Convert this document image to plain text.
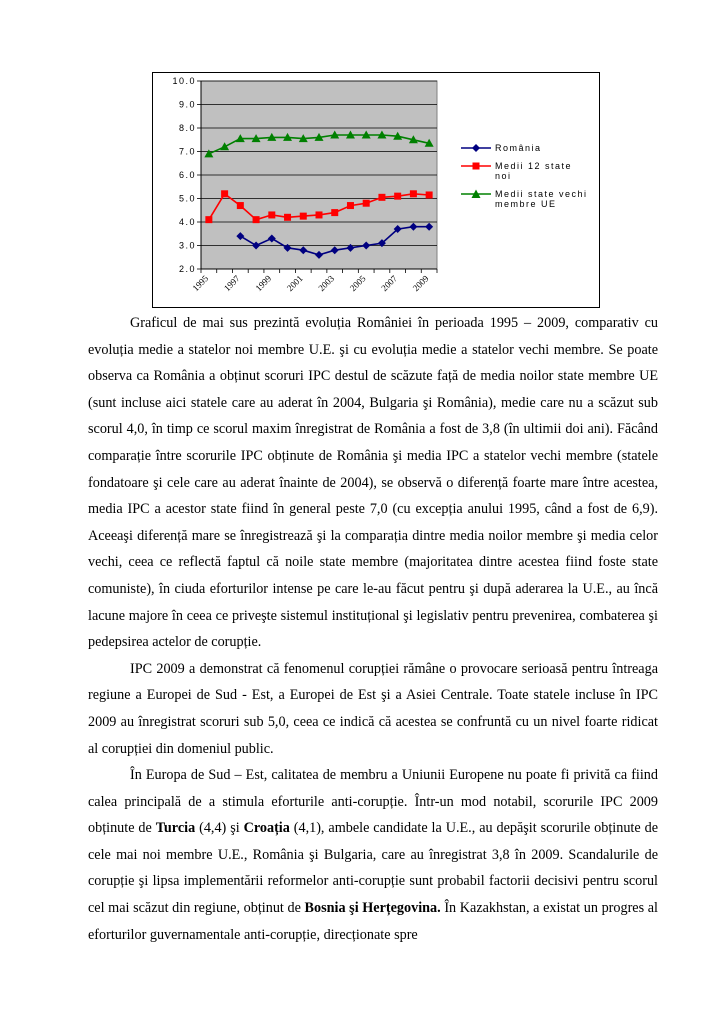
2.0
3.0
4.0
5.0
6.0
7.0
8.0
9.0
10.0
1995 1997 1999 2001 2003 2005 2007 2009
România
Medii 12 state noi
Medii state vechi membre UE

Graficul de mai sus prezintă evoluția României în perioada 1995 – 2009, comparativ cu evoluția medie a statelor noi membre U.E. şi cu evoluția medie a statelor vechi membre. Se poate observa ca România a obținut scoruri IPC destul de scăzute față de media noilor state membre UE (sunt incluse aici statele care au aderat în 2004, Bulgaria şi România), medie care nu a scăzut sub scorul 4,0, în timp ce scorul maxim înregistrat de România a fost de 3,8 (în ultimii doi ani). Făcând comparație între scorurile IPC obținute de România şi media IPC a statelor vechi membre (statele fondatoare şi cele care au aderat înainte de 2004), se observă o diferență foarte mare între acestea, media IPC a acestor state fiind în general peste 7,0 (cu excepția anului 1995, când a fost de 6,9). Aceeaşi diferență mare se înregistrează şi la comparația dintre media noilor membre şi media celor vechi, ceea ce reflectă faptul că noile state membre (majoritatea dintre acestea fiind foste state comuniste), în ciuda eforturilor intense pe care le-au făcut pentru şi după aderarea la U.E., au încă lacune majore în ceea ce priveşte sistemul instituțional şi legislativ pentru prevenirea, combaterea şi pedepsirea actelor de corupție.

IPC 2009 a demonstrat că fenomenul corupției rămâne o provocare serioasă pentru întreaga regiune a Europei de Sud - Est, a Europei de Est şi a Asiei Centrale. Toate statele incluse în IPC 2009 au înregistrat scoruri sub 5,0, ceea ce indică că acestea se confruntă cu un nivel foarte ridicat al corupției din domeniul public.

În Europa de Sud – Est, calitatea de membru a Uniunii Europene nu poate fi privită ca fiind calea principală de a stimula eforturile anti-corupție. Într-un mod notabil, scorurile IPC 2009 obținute de Turcia (4,4) şi Croația (4,1), ambele candidate la U.E., au depăşit scorurile obținute de cele mai noi membre U.E., România şi Bulgaria, care au înregistrat 3,8 în 2009. Scandalurile de corupție şi lipsa implementării reformelor anti-corupție sunt probabil factorii decisivi pentru scorul cel mai scăzut din regiune, obținut de Bosnia şi Herțegovina. În Kazakhstan, a existat un progres al eforturilor guvernamentale anti-corupție, direcționate spre
